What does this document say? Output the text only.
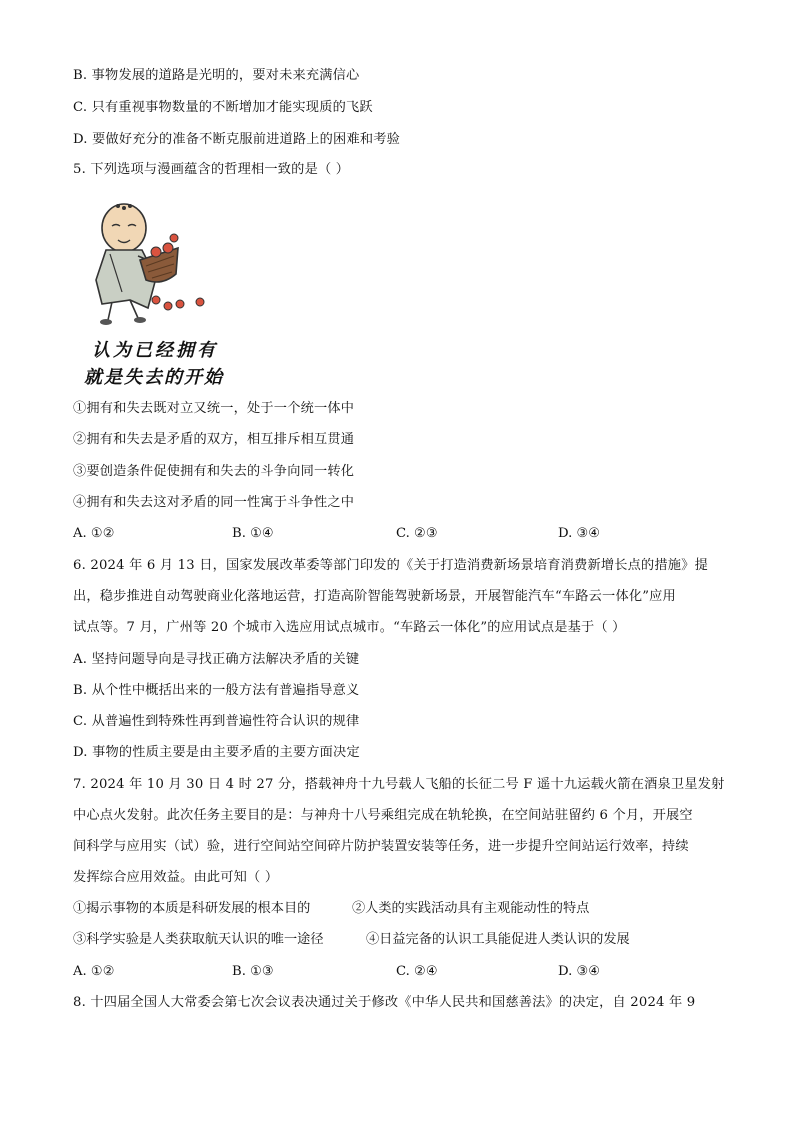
B. 事物发展的道路是光明的，要对未来充满信心
C. 只有重视事物数量的不断增加才能实现质的飞跃
D. 要做好充分的准备不断克服前进道路上的困难和考验
5. 下列选项与漫画蕴含的哲理相一致的是（ ）
认为已经拥有
就是失去的开始
①拥有和失去既对立又统一，处于一个统一体中
②拥有和失去是矛盾的双方，相互排斥相互贯通
③要创造条件促使拥有和失去的斗争向同一转化
④拥有和失去这对矛盾的同一性寓于斗争性之中
A. ①②	B. ①④	C. ②③	D. ③④
6. 2024 年 6 月 13 日，国家发展改革委等部门印发的《关于打造消费新场景培育消费新增长点的措施》提
出，稳步推进自动驾驶商业化落地运营，打造高阶智能驾驶新场景，开展智能汽车“车路云一体化”应用
试点等。7 月，广州等 20 个城市入选应用试点城市。“车路云一体化”的应用试点是基于（ ）
A. 坚持问题导向是寻找正确方法解决矛盾的关键
B. 从个性中概括出来的一般方法有普遍指导意义
C. 从普遍性到特殊性再到普遍性符合认识的规律
D. 事物的性质主要是由主要矛盾的主要方面决定
7. 2024 年 10 月 30 日 4 时 27 分，搭载神舟十九号载人飞船的长征二号 F 遥十九运载火箭在酒泉卫星发射
中心点火发射。此次任务主要目的是：与神舟十八号乘组完成在轨轮换，在空间站驻留约 6 个月，开展空
间科学与应用实（试）验，进行空间站空间碎片防护装置安装等任务，进一步提升空间站运行效率，持续
发挥综合应用效益。由此可知（ ）
①揭示事物的本质是科研发展的根本目的	②人类的实践活动具有主观能动性的特点
③科学实验是人类获取航天认识的唯一途径	④日益完备的认识工具能促进人类认识的发展
A. ①②	B. ①③	C. ②④	D. ③④
8. 十四届全国人大常委会第七次会议表决通过关于修改《中华人民共和国慈善法》的决定，自 2024 年 9
